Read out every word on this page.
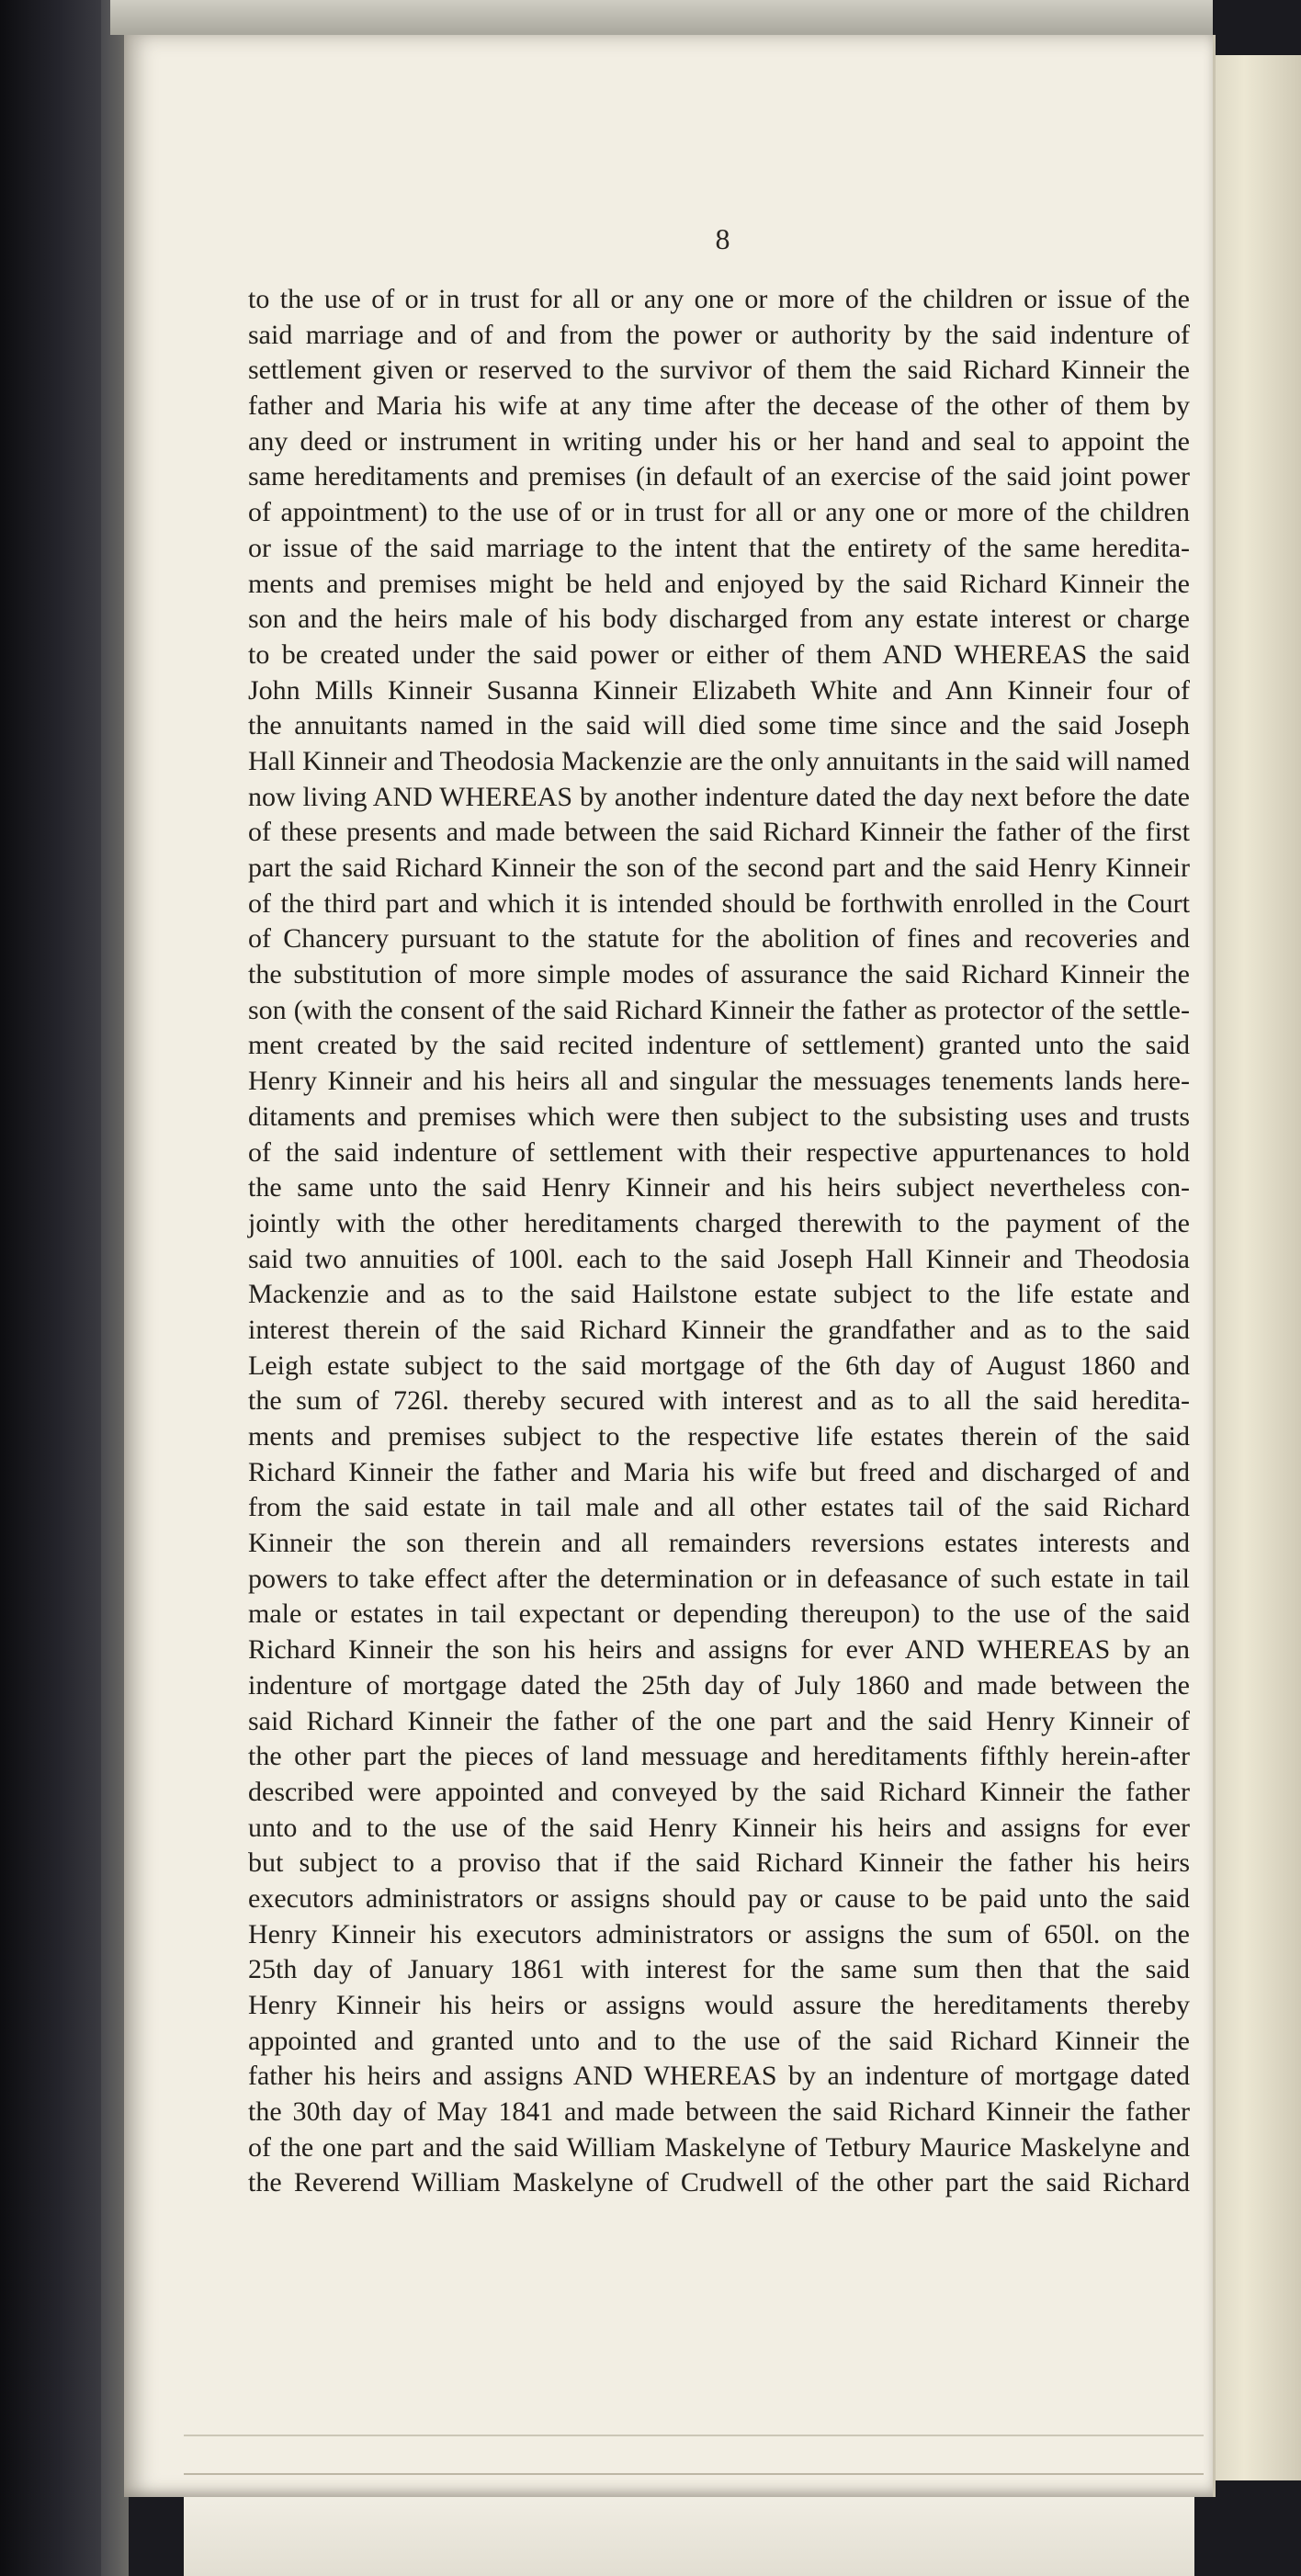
8
to the use of or in trust for all or any one or more of the children or issue of the
said marriage and of and from the power or authority by the said indenture of
settlement given or reserved to the survivor of them the said Richard Kinneir the
father and Maria his wife at any time after the decease of the other of them by
any deed or instrument in writing under his or her hand and seal to appoint the
same hereditaments and premises (in default of an exercise of the said joint power
of appointment) to the use of or in trust for all or any one or more of the children
or issue of the said marriage to the intent that the entirety of the same heredita-
ments and premises might be held and enjoyed by the said Richard Kinneir the
son and the heirs male of his body discharged from any estate interest or charge
to be created under the said power or either of them AND WHEREAS the said
John Mills Kinneir Susanna Kinneir Elizabeth White and Ann Kinneir four of
the annuitants named in the said will died some time since and the said Joseph
Hall Kinneir and Theodosia Mackenzie are the only annuitants in the said will named
now living AND WHEREAS by another indenture dated the day next before the date
of these presents and made between the said Richard Kinneir the father of the first
part the said Richard Kinneir the son of the second part and the said Henry Kinneir
of the third part and which it is intended should be forthwith enrolled in the Court
of Chancery pursuant to the statute for the abolition of fines and recoveries and
the substitution of more simple modes of assurance the said Richard Kinneir the
son (with the consent of the said Richard Kinneir the father as protector of the settle-
ment created by the said recited indenture of settlement) granted unto the said
Henry Kinneir and his heirs all and singular the messuages tenements lands here-
ditaments and premises which were then subject to the subsisting uses and trusts
of the said indenture of settlement with their respective appurtenances to hold
the same unto the said Henry Kinneir and his heirs subject nevertheless con-
jointly with the other hereditaments charged therewith to the payment of the
said two annuities of 100l. each to the said Joseph Hall Kinneir and Theodosia
Mackenzie and as to the said Hailstone estate subject to the life estate and
interest therein of the said Richard Kinneir the grandfather and as to the said
Leigh estate subject to the said mortgage of the 6th day of August 1860 and
the sum of 726l. thereby secured with interest and as to all the said heredita-
ments and premises subject to the respective life estates therein of the said
Richard Kinneir the father and Maria his wife but freed and discharged of and
from the said estate in tail male and all other estates tail of the said Richard
Kinneir the son therein and all remainders reversions estates interests and
powers to take effect after the determination or in defeasance of such estate in tail
male or estates in tail expectant or depending thereupon) to the use of the said
Richard Kinneir the son his heirs and assigns for ever AND WHEREAS by an
indenture of mortgage dated the 25th day of July 1860 and made between the
said Richard Kinneir the father of the one part and the said Henry Kinneir of
the other part the pieces of land messuage and hereditaments fifthly herein-after
described were appointed and conveyed by the said Richard Kinneir the father
unto and to the use of the said Henry Kinneir his heirs and assigns for ever
but subject to a proviso that if the said Richard Kinneir the father his heirs
executors administrators or assigns should pay or cause to be paid unto the said
Henry Kinneir his executors administrators or assigns the sum of 650l. on the
25th day of January 1861 with interest for the same sum then that the said
Henry Kinneir his heirs or assigns would assure the hereditaments thereby
appointed and granted unto and to the use of the said Richard Kinneir the
father his heirs and assigns AND WHEREAS by an indenture of mortgage dated
the 30th day of May 1841 and made between the said Richard Kinneir the father
of the one part and the said William Maskelyne of Tetbury Maurice Maskelyne and
the Reverend William Maskelyne of Crudwell of the other part the said Richard
